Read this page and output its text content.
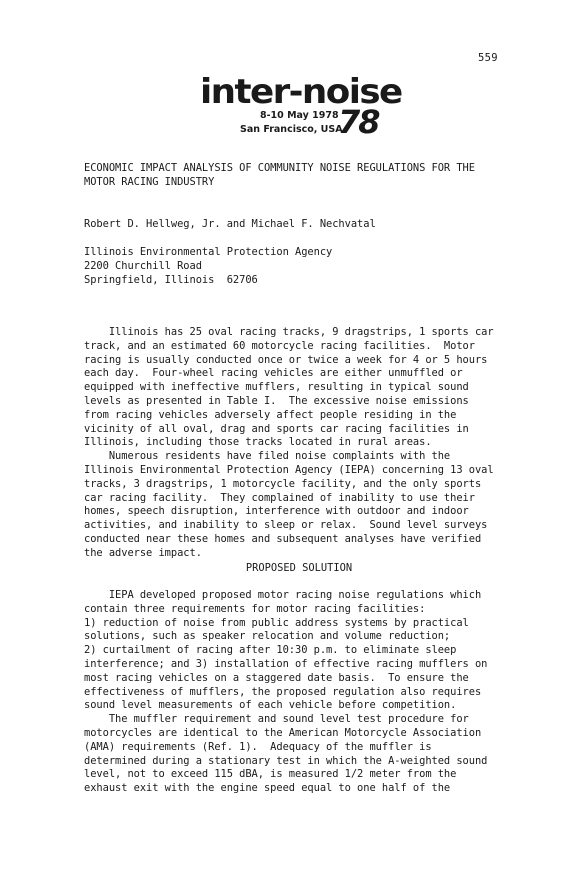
559
inter-noise
8-10 May 1978
San Francisco, USA
78
ECONOMIC IMPACT ANALYSIS OF COMMUNITY NOISE REGULATIONS FOR THE
MOTOR RACING INDUSTRY
Robert D. Hellweg, Jr. and Michael F. Nechvatal
Illinois Environmental Protection Agency
2200 Churchill Road
Springfield, Illinois  62706
Illinois has 25 oval racing tracks, 9 dragstrips, 1 sports car
track, and an estimated 60 motorcycle racing facilities.  Motor
racing is usually conducted once or twice a week for 4 or 5 hours
each day.  Four-wheel racing vehicles are either unmuffled or
equipped with ineffective mufflers, resulting in typical sound
levels as presented in Table I.  The excessive noise emissions
from racing vehicles adversely affect people residing in the
vicinity of all oval, drag and sports car racing facilities in
Illinois, including those tracks located in rural areas.
Numerous residents have filed noise complaints with the
Illinois Environmental Protection Agency (IEPA) concerning 13 oval
tracks, 3 dragstrips, 1 motorcycle facility, and the only sports
car racing facility.  They complained of inability to use their
homes, speech disruption, interference with outdoor and indoor
activities, and inability to sleep or relax.  Sound level surveys
conducted near these homes and subsequent analyses have verified
the adverse impact.
PROPOSED SOLUTION
IEPA developed proposed motor racing noise regulations which
contain three requirements for motor racing facilities:
1) reduction of noise from public address systems by practical
solutions, such as speaker relocation and volume reduction;
2) curtailment of racing after 10:30 p.m. to eliminate sleep
interference; and 3) installation of effective racing mufflers on
most racing vehicles on a staggered date basis.  To ensure the
effectiveness of mufflers, the proposed regulation also requires
sound level measurements of each vehicle before competition.
The muffler requirement and sound level test procedure for
motorcycles are identical to the American Motorcycle Association
(AMA) requirements (Ref. 1).  Adequacy of the muffler is
determined during a stationary test in which the A-weighted sound
level, not to exceed 115 dBA, is measured 1/2 meter from the
exhaust exit with the engine speed equal to one half of the
